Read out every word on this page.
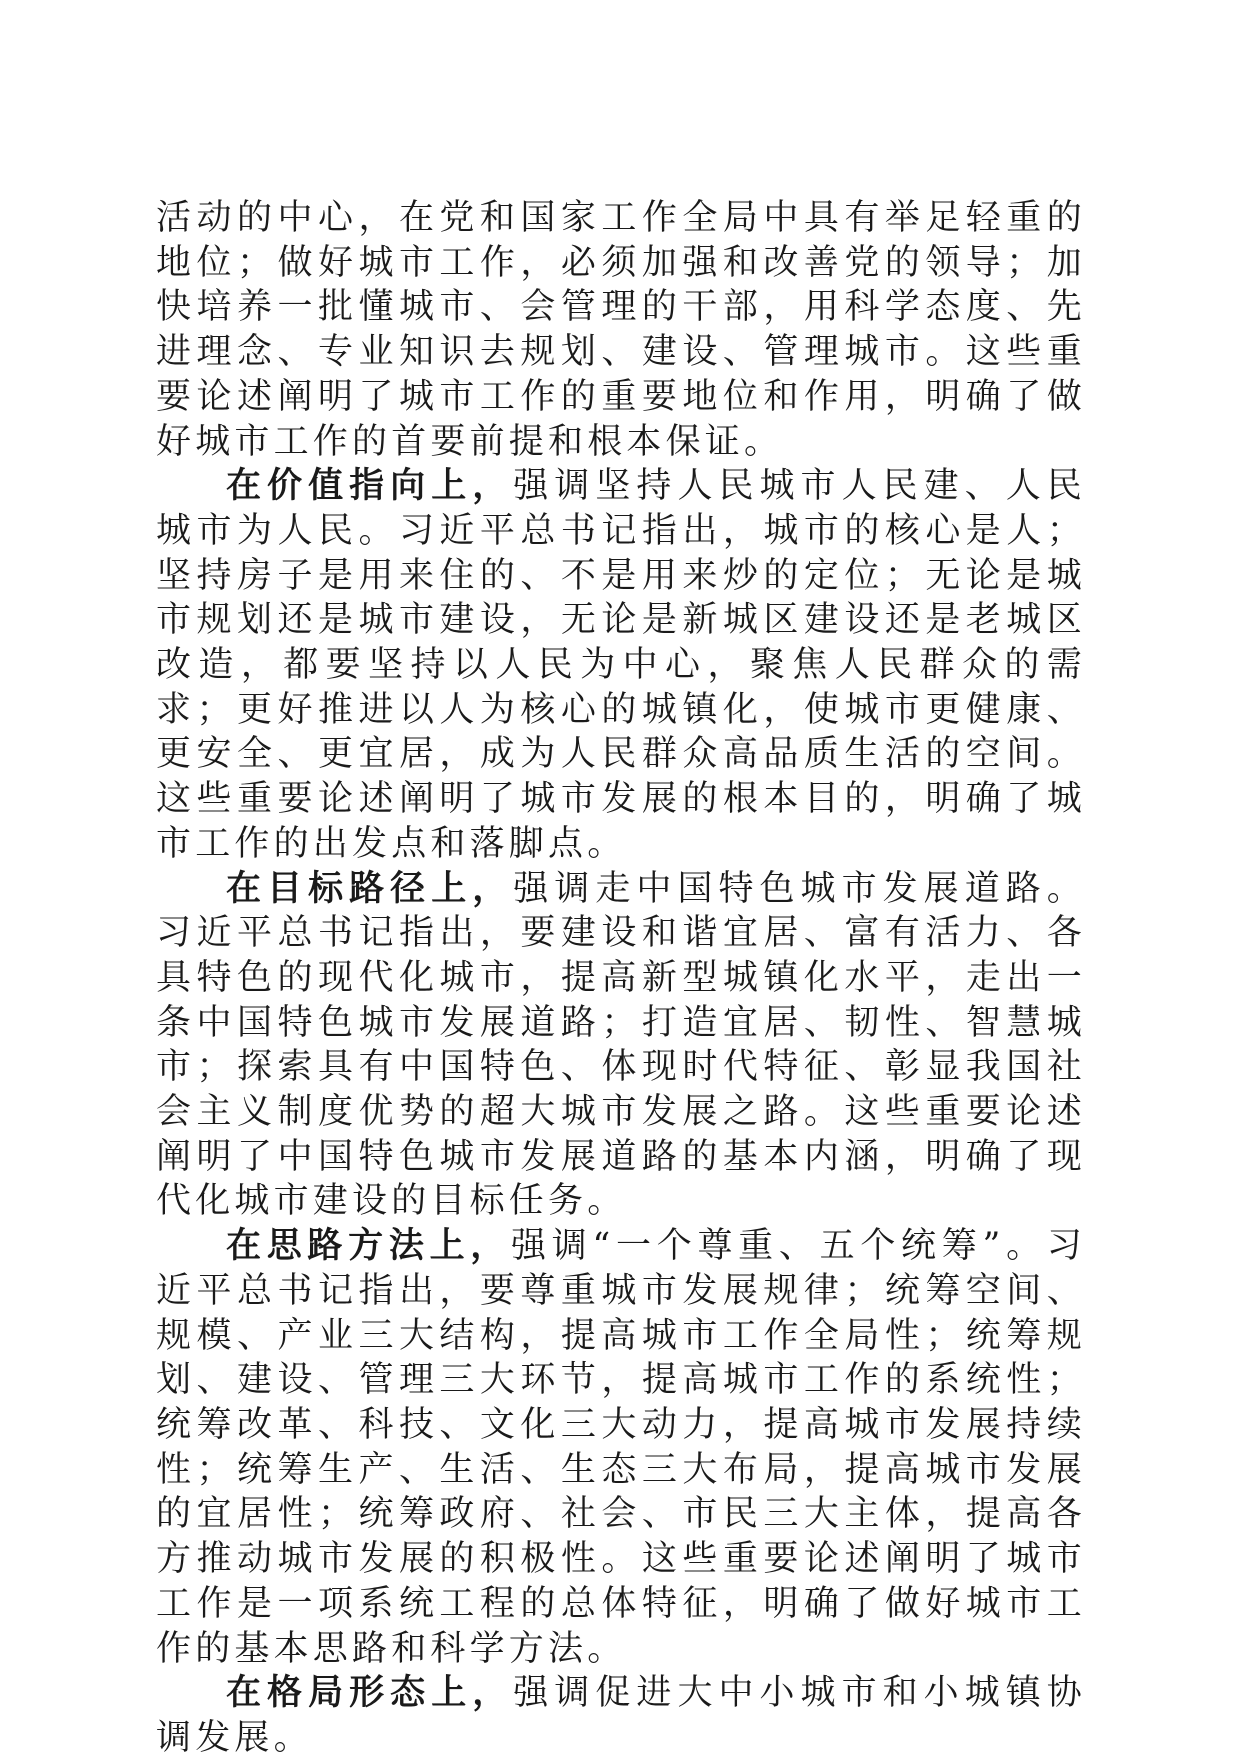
活动的中心，在党和国家工作全局中具有举足轻重的地位；做好城市工作，必须加强和改善党的领导；加快培养一批懂城市、会管理的干部，用科学态度、先进理念、专业知识去规划、建设、管理城市。这些重要论述阐明了城市工作的重要地位和作用，明确了做好城市工作的首要前提和根本保证。

在价值指向上，强调坚持人民城市人民建、人民城市为人民。习近平总书记指出，城市的核心是人；坚持房子是用来住的、不是用来炒的定位；无论是城市规划还是城市建设，无论是新城区建设还是老城区改造，都要坚持以人民为中心，聚焦人民群众的需求；更好推进以人为核心的城镇化，使城市更健康、更安全、更宜居，成为人民群众高品质生活的空间。这些重要论述阐明了城市发展的根本目的，明确了城市工作的出发点和落脚点。

在目标路径上，强调走中国特色城市发展道路。习近平总书记指出，要建设和谐宜居、富有活力、各具特色的现代化城市，提高新型城镇化水平，走出一条中国特色城市发展道路；打造宜居、韧性、智慧城市；探索具有中国特色、体现时代特征、彰显我国社会主义制度优势的超大城市发展之路。这些重要论述阐明了中国特色城市发展道路的基本内涵，明确了现代化城市建设的目标任务。

在思路方法上，强调“一个尊重、五个统筹”。习近平总书记指出，要尊重城市发展规律；统筹空间、规模、产业三大结构，提高城市工作全局性；统筹规划、建设、管理三大环节，提高城市工作的系统性；统筹改革、科技、文化三大动力，提高城市发展持续性；统筹生产、生活、生态三大布局，提高城市发展的宜居性；统筹政府、社会、市民三大主体，提高各方推动城市发展的积极性。这些重要论述阐明了城市工作是一项系统工程的总体特征，明确了做好城市工作的基本思路和科学方法。

在格局形态上，强调促进大中小城市和小城镇协调发展。
